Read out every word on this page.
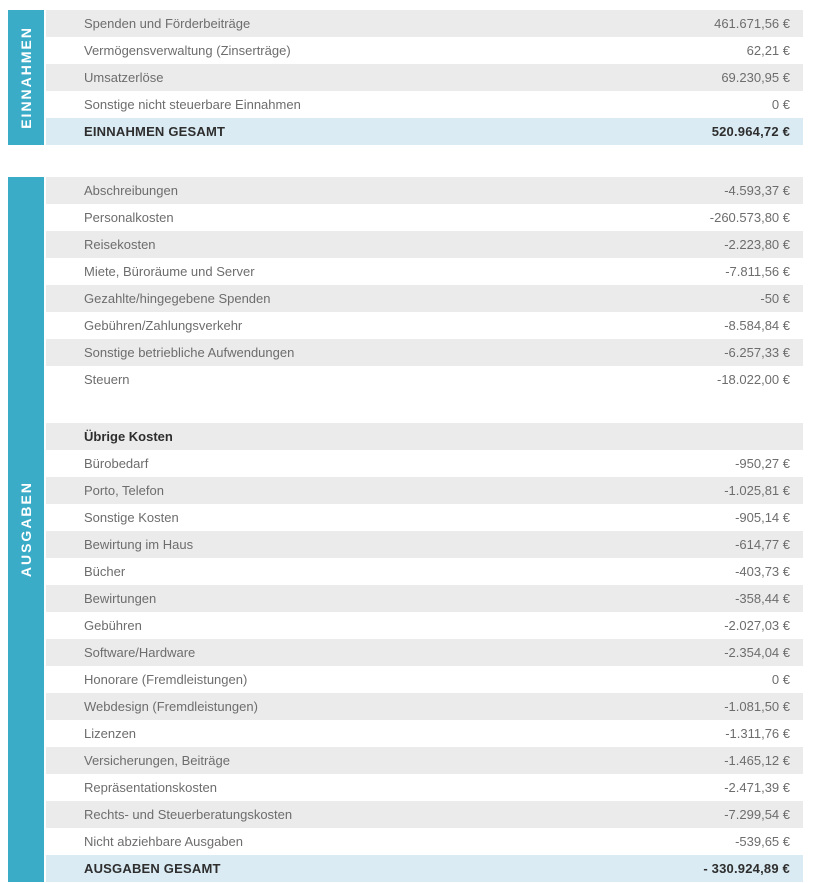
EINNAHMEN
Spenden und Förderbeiträge	461.671,56 €
Vermögensverwaltung (Zinserträge)	62,21 €
Umsatzerlöse	69.230,95 €
Sonstige nicht steuerbare Einnahmen	0 €
EINNAHMEN GESAMT	520.964,72 €
AUSGABEN
Abschreibungen	-4.593,37 €
Personalkosten	-260.573,80 €
Reisekosten	-2.223,80 €
Miete, Büroräume und Server	-7.811,56 €
Gezahlte/hingegebene Spenden	-50 €
Gebühren/Zahlungsverkehr	-8.584,84 €
Sonstige betriebliche Aufwendungen	-6.257,33 €
Steuern	-18.022,00 €
Übrige Kosten
Bürobedarf	-950,27 €
Porto, Telefon	-1.025,81 €
Sonstige Kosten	-905,14 €
Bewirtung im Haus	-614,77 €
Bücher	-403,73 €
Bewirtungen	-358,44 €
Gebühren	-2.027,03 €
Software/Hardware	-2.354,04 €
Honorare (Fremdleistungen)	0 €
Webdesign (Fremdleistungen)	-1.081,50 €
Lizenzen	-1.311,76 €
Versicherungen, Beiträge	-1.465,12 €
Repräsentationskosten	-2.471,39 €
Rechts- und Steuerberatungskosten	-7.299,54 €
Nicht abziehbare Ausgaben	-539,65 €
AUSGABEN GESAMT	- 330.924,89 €
